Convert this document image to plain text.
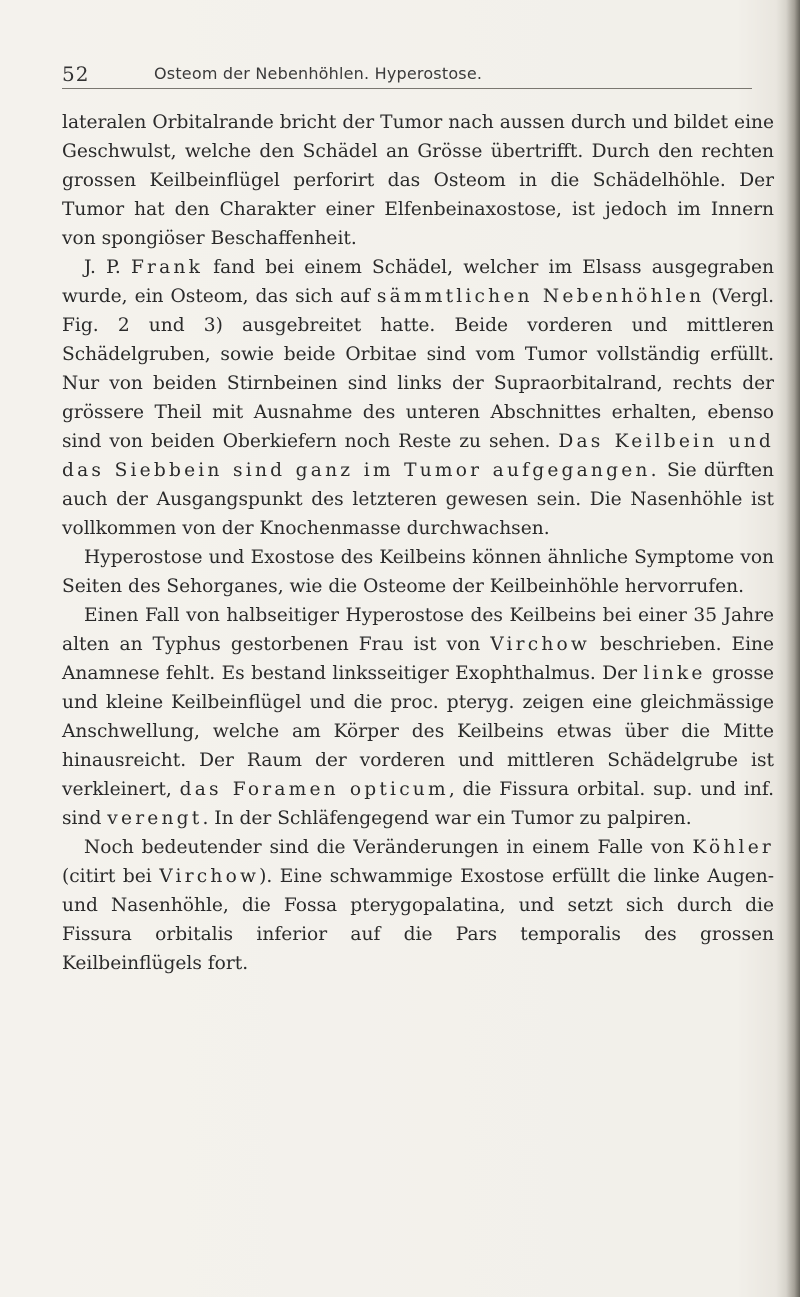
52	Osteom der Nebenhöhlen. Hyperostose.

lateralen Orbitalrande bricht der Tumor nach aussen durch und bildet eine Geschwulst, welche den Schädel an Grösse übertrifft. Durch den rechten grossen Keilbeinflügel perforirt das Osteom in die Schädelhöhle. Der Tumor hat den Charakter einer Elfenbeinaxostose, ist jedoch im Innern von spongiöser Beschaffenheit.

J. P. Frank fand bei einem Schädel, welcher im Elsass ausgegraben wurde, ein Osteom, das sich auf sämmtlichen Nebenhöhlen (Vergl. Fig. 2 und 3) ausgebreitet hatte. Beide vorderen und mittleren Schädelgruben, sowie beide Orbitae sind vom Tumor vollständig erfüllt. Nur von beiden Stirnbeinen sind links der Supraorbitalrand, rechts der grössere Theil mit Ausnahme des unteren Abschnittes erhalten, ebenso sind von beiden Oberkiefern noch Reste zu sehen. Das Keilbein und das Siebbein sind ganz im Tumor aufgegangen. Sie dürften auch der Ausgangspunkt des letzteren gewesen sein. Die Nasenhöhle ist vollkommen von der Knochenmasse durchwachsen.

Hyperostose und Exostose des Keilbeins können ähnliche Symptome von Seiten des Sehorganes, wie die Osteome der Keilbeinhöhle hervorrufen.

Einen Fall von halbseitiger Hyperostose des Keilbeins bei einer 35 Jahre alten an Typhus gestorbenen Frau ist von Virchow beschrieben. Eine Anamnese fehlt. Es bestand linksseitiger Exophthalmus. Der linke grosse und kleine Keilbeinflügel und die proc. pteryg. zeigen eine gleichmässige Anschwellung, welche am Körper des Keilbeins etwas über die Mitte hinausreicht. Der Raum der vorderen und mittleren Schädelgrube ist verkleinert, das Foramen opticum, die Fissura orbital. sup. und inf. sind verengt. In der Schläfengegend war ein Tumor zu palpiren.

Noch bedeutender sind die Veränderungen in einem Falle von Köhler (citirt bei Virchow). Eine schwammige Exostose erfüllt die linke Augen- und Nasenhöhle, die Fossa pterygopalatina, und setzt sich durch die Fissura orbitalis inferior auf die Pars temporalis des grossen Keilbeinflügels fort.
